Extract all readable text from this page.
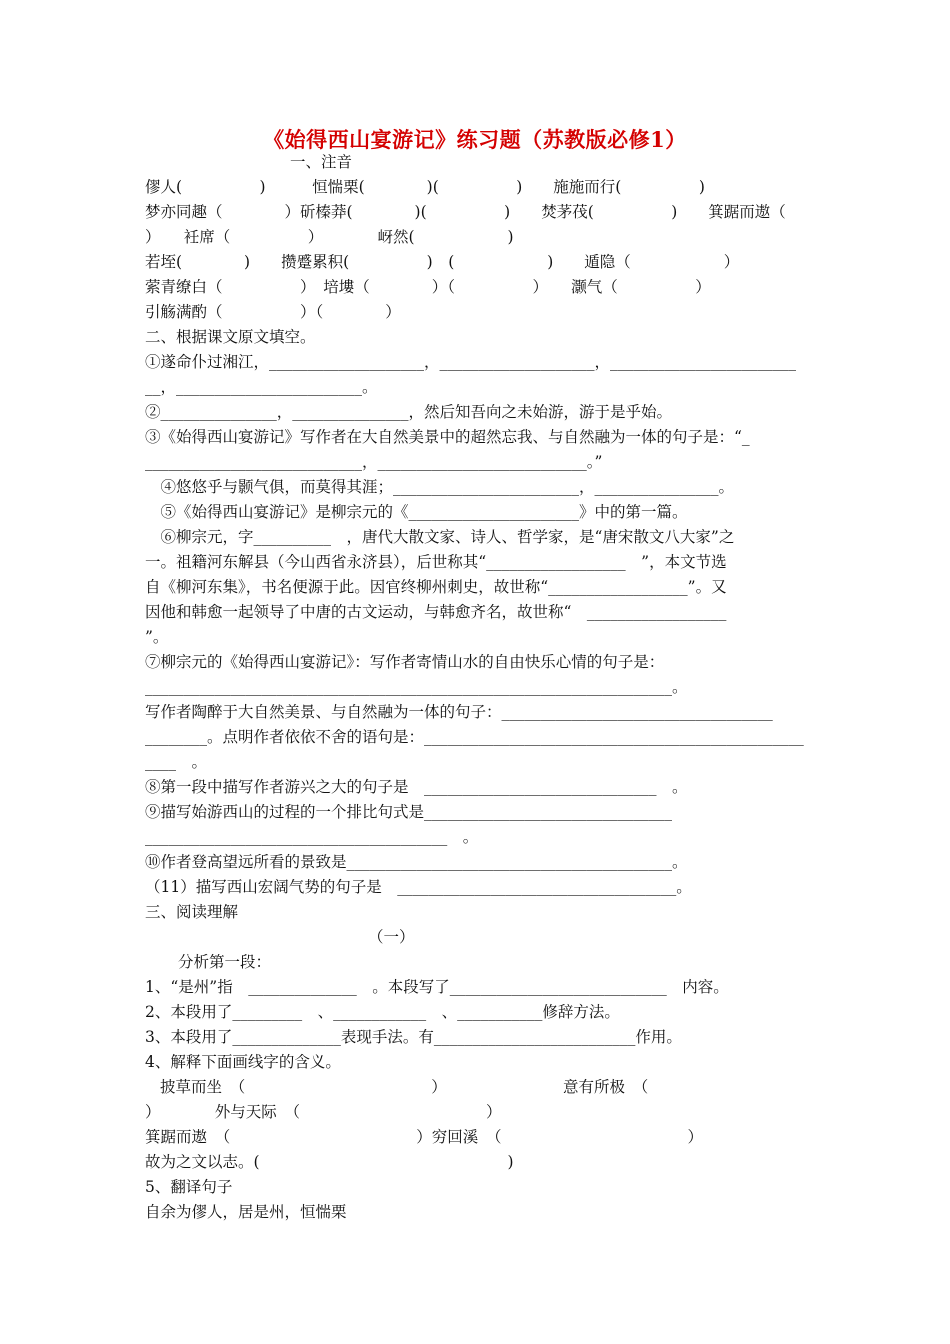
《始得西山宴游记》练习题（苏教版必修1）
一、注音
僇人(　　　　　)　　　恒惴栗(　　　　)(　　　　　)　　施施而行(　　　　　)
梦亦同趣（　　　　）斫榛莽(　　　　)(　　　　　)　　焚茅茷(　　　　　)　　箕踞而遨（
）　　衽席（　　　　　）　　　　岈然(　　　　　　)
若垤(　　　　)　　攒蹙累积(　　　　　)　(　　　　　　)　　遁隐（　　　　　　）
萦青缭白（　　　　　）　培塿（　　　　）（　　　　　）　　灏气（　　　　　）
引觞满酌（　　　　　）（　　　　）
二、根据课文原文填空。
①遂命仆过湘江，____________________，____________________，________________________
__，________________________。
②_______________，_______________，然后知吾向之未始游，游于是乎始。
③《始得西山宴游记》写作者在大自然美景中的超然忘我、与自然融为一体的句子是：“_
____________________________，___________________________。”
　④悠悠乎与颢气俱，而莫得其涯；________________________，________________。
　⑤《始得西山宴游记》是柳宗元的《______________________》中的第一篇。
　⑥柳宗元，字__________　，唐代大散文家、诗人、哲学家，是“唐宋散文八大家”之
一。祖籍河东解县（今山西省永济县），后世称其“__________________　”，本文节选
自《柳河东集》，书名便源于此。因官终柳州刺史，故世称“__________________”。又
因他和韩愈一起领导了中唐的古文运动，与韩愈齐名，故世称“　__________________
”。
⑦柳宗元的《始得西山宴游记》：写作者寄情山水的自由快乐心情的句子是：
____________________________________________________________________。
写作者陶醉于大自然美景、与自然融为一体的句子：___________________________________
________。点明作者依依不舍的语句是：_________________________________________________
____　。
⑧第一段中描写作者游兴之大的句子是　______________________________　。
⑨描写始游西山的过程的一个排比句式是________________________________
_______________________________________　。
⑩作者登高望远所看的景致是__________________________________________。
（11）描写西山宏阔气势的句子是　____________________________________。
三、阅读理解
（一）
分析第一段：
1、“是州”指　______________　。本段写了____________________________　内容。
2、本段用了_________　、____________　、___________修辞方法。
3、本段用了______________表现手法。有__________________________作用。
4、解释下面画线字的含义。
披草而坐　（　　　　　　　　　　　　）　　　　　　　　意有所极　（
）　　　　外与天际　（　　　　　　　　　　　　）
箕踞而遨　（　　　　　　　　　　　　）穷回溪　（　　　　　　　　　　　　）
故为之文以志。(　　　　　　　　　　　　　　　　)
5、翻译句子
自余为僇人，居是州，恒惴栗
